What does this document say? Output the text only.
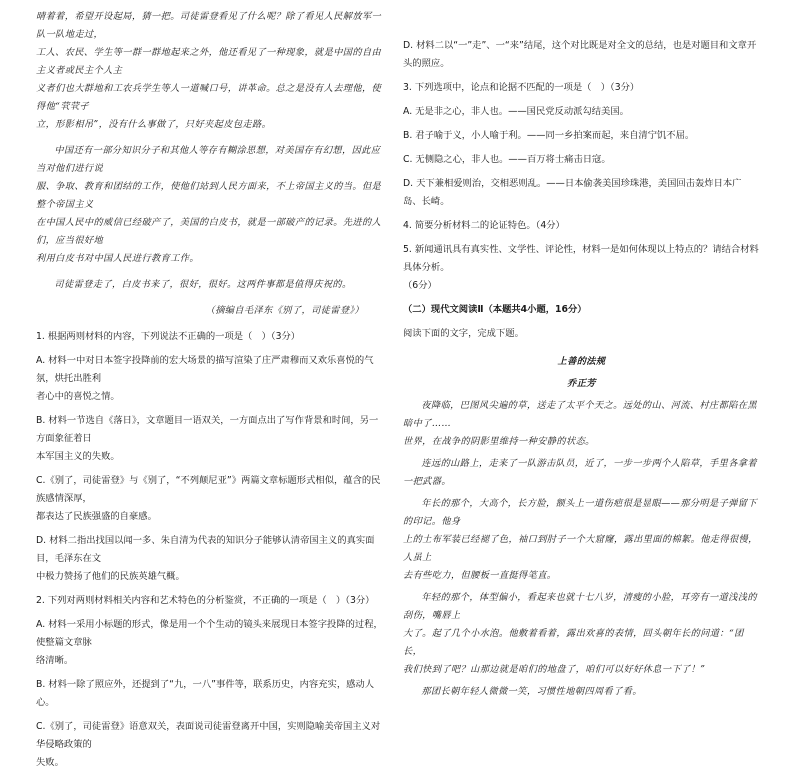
晴着着，希望开设起局，猜一把。司徒雷登看见了什么呢？除了看见人民解放军一队一队地走过，

工人、农民、学生等一群一群地起来之外，他还看见了一种现象，就是中国的自由主义者或民主个人主

义者们也大群地和工农兵学生等人一道喊口号，讲革命。总之是没有人去理他，使得他“茕茕孑

立，形影相吊”，没有什么事做了，只好夹起皮包走路。

中国还有一部分知识分子和其他人等存有糊涂思想，对美国存有幻想，因此应当对他们进行说

服、争取、教育和团结的工作，使他们站到人民方面来，不上帝国主义的当。但是整个帝国主义

在中国人民中的威信已经破产了，美国的白皮书，就是一部破产的记录。先进的人们，应当很好地

利用白皮书对中国人民进行教育工作。

司徒雷登走了，白皮书来了，很好，很好。这两件事都是值得庆祝的。

（摘编自毛泽东《别了，司徒雷登》）

1. 根据两则材料的内容，下列说法不正确的一项是（　）（3分）

A. 材料一中对日本签字投降前的宏大场景的描写渲染了庄严肃穆而又欢乐喜悦的气氛，烘托出胜利

者心中的喜悦之情。

B. 材料一节选自《落日》，文章题目一语双关，一方面点出了写作背景和时间，另一方面象征着日

本军国主义的失败。

C.《别了，司徒雷登》与《别了，“不列颠尼亚”》两篇文章标题形式相似，蕴含的民族感情深厚，

都表达了民族强盛的自豪感。

D. 材料二指出找国以闻一多、朱自清为代表的知识分子能够认清帝国主义的真实面目，毛泽东在文

中极力赞扬了他们的民族英雄气概。

2. 下列对两则材料相关内容和艺术特色的分析鉴赏，不正确的一项是（　）（3分）

A. 材料一采用小标题的形式，像是用一个个生动的镜头来展现日本签字投降的过程，使整篇文章脉

络清晰。

B. 材料一除了照应外，还提到了“九，一八”事件等，联系历史，内容充实，感动人心。

C.《别了，司徒雷登》语意双关，表面说司徒雷登离开中国，实则隐喻美帝国主义对华侵略政策的

失败。

D. 材料二以“一”走”、一“来”结尾，这个对比既是对全文的总结，也是对题目和文章开头的照应。

3. 下列选项中，论点和论据不匹配的一项是（　）（3分）

A. 无是非之心，非人也。——国民党反动派勾结美国。

B. 君子喻于义，小人喻于利。——同一乡拍案而起，来自清宁饥不屈。

C. 无侧隐之心，非人也。——百万将士痛击日寇。

D. 天下兼相爱则治，交相恶则乱。——日本偷袭美国珍珠港，美国回击轰炸日本广岛、长崎。

4. 简要分析材料二的论证特色。（4分）

5. 新闻通讯具有真实性、文学性、评论性，材料一是如何体现以上特点的？请结合材料具体分析。

（6分）

（二）现代文阅读Ⅱ（本题共4小题，16分）

阅读下面的文字，完成下题。

上善的法规

乔正芳

夜降临，巴图风尖遍的草，送走了太平个天之。远处的山、河流、村庄都陷在黑暗中了……

世界，在战争的阴影里维持一种安静的状态。

连远的山路上，走来了一队游击队员，近了，一步一步两个人陷草，手里各拿着一把武器。

年长的那个，大高个，长方脸，额头上一道伤疤很是显眼——那分明是子弹留下的印记。他身

上的土布军装已经褪了色，袖口到肘子一个大窟窿，露出里面的棉絮。他走得很慢，人虽上

去有些吃力，但腰板一直挺得笔直。

年轻的那个，体型偏小，看起来也就十七八岁，清瘦的小脸，耳旁有一道浅浅的刮伤，嘴唇上

大了。起了几个小水泡。他敷着看着，露出欢喜的表情，回头朝年长的问道：“团长，

我们快到了吧？山那边就是咱们的地盘了，咱们可以好好休息一下了！”

那团长朝年轻人微微一笑，习惯性地朝四周看了看。
